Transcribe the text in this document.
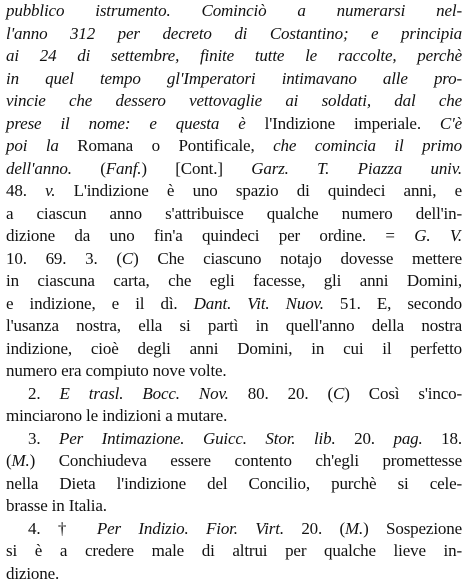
pubblico istrumento. Cominciò a numerarsi nel-
l'anno 312 per decreto di Costantino; e principia
ai 24 di settembre, finite tutte le raccolte, perchè
in quel tempo gl'Imperatori intimavano alle pro-
vincie che dessero vettovaglie ai soldati, dal che
prese il nome: e questa è l'Indizione imperiale. C'è
poi la Romana o Pontificale, che comincia il primo
dell'anno. (Fanf.) [Cont.] Garz. T. Piazza univ.
48. v. L'indizione è uno spazio di quindeci anni, e
a ciascun anno s'attribuisce qualche numero dell'in-
dizione da uno fin'a quindeci per ordine. = G. V.
10. 69. 3. (C) Che ciascuno notajo dovesse mettere
in ciascuna carta, che egli facesse, gli anni Domini,
e indizione, e il dì. Dant. Vit. Nuov. 51. E, secondo
l'usanza nostra, ella si partì in quell'anno della nostra
indizione, cioè degli anni Domini, in cui il perfetto
numero era compiuto nove volte.
2. E trasl. Bocc. Nov. 80. 20. (C) Così s'inco-
minciarono le indizioni a mutare.
3. Per Intimazione. Guicc. Stor. lib. 20. pag. 18.
(M.) Conchiudeva essere contento ch'egli promettesse
nella Dieta l'indizione del Concilio, purchè si cele-
brasse in Italia.
4. † Per Indizio. Fior. Virt. 20. (M.) Sospezione
si è a credere male di altrui per qualche lieve in-
dizione.
